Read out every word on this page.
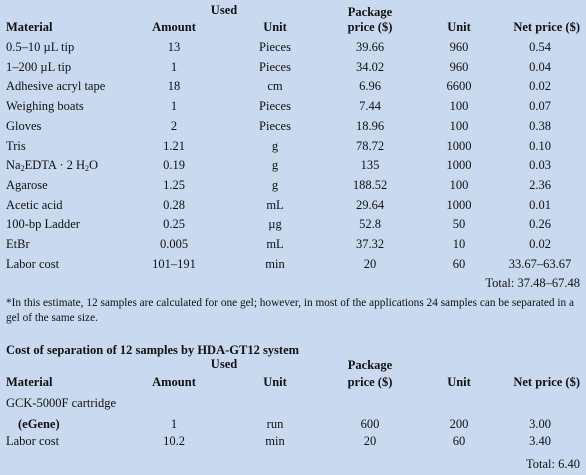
Used	Package
Material	Amount	Unit	price ($)	Unit	Net price ($)
0.5–10 µL tip	13	Pieces	39.66	960	0.54
1–200 µL tip	1	Pieces	34.02	960	0.04
Adhesive acryl tape	18	cm	6.96	6600	0.02
Weighing boats	1	Pieces	7.44	100	0.07
Gloves	2	Pieces	18.96	100	0.38
Tris	1.21	g	78.72	1000	0.10
$Na_2EDTA \cdot 2$ $H_2O$	0.19	g	135	1000	0.03
Agarose	1.25	g	188.52	100	2.36
Acetic acid	0.28	mL	29.64	1000	0.01
100-bp Ladder	0.25	µg	52.8	50	0.26
EtBr	0.005	mL	37.32	10	0.02
Labor cost	101–191	min	20	60	33.67–63.67
Total: 37.48–67.48
*In this estimate, 12 samples are calculated for one gel; however, in most of the applications 24 samples can be separated in a gel of the same size.
Cost of separation of 12 samples by HDA-GT12 system
Used	Package
Material	Amount	Unit	price ($)	Unit	Net price ($)
GCK-5000F cartridge
(eGene)	1	run	600	200	3.00
Labor cost	10.2	min	20	60	3.40
Total: 6.40
